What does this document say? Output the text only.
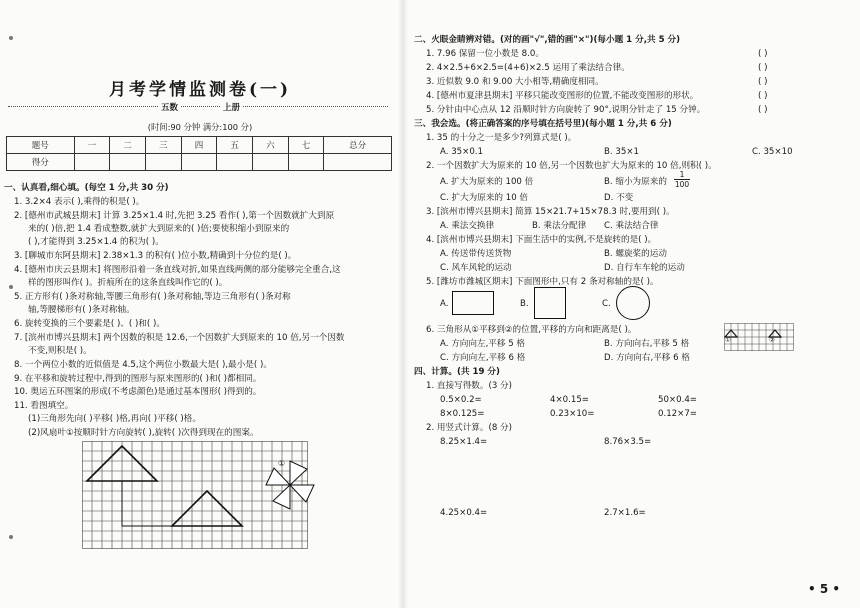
月考学情监测卷(一)
五数	上册
(时间:90 分钟 满分:100 分)
题号	一	二	三	四	五	六	七	总分
得分								
一、认真看,细心填。(每空 1 分,共 30 分)
1. 3.2×4 表示( ),乘得的积是( )。
2. [德州市武城县期末] 计算 3.25×1.4 时,先把 3.25 看作( ),第一个因数就扩大到原
来的( )倍,把 1.4 看成整数,就扩大到原来的( )倍;要使积缩小到原来的
( ),才能得到 3.25×1.4 的积为( )。
3. [聊城市东阿县期末] 2.38×1.3 的积有( )位小数,精确到十分位约是( )。
4. [德州市庆云县期末] 将图形沿着一条直线对折,如果直线两侧的部分能够完全重合,这
样的图形叫作( )。折痕所在的这条直线叫作它的( )。
5. 正方形有( )条对称轴,等腰三角形有( )条对称轴,等边三角形有( )条对称
轴,等腰梯形有( )条对称轴。
6. 旋转变换的三个要素是( )、( )和( )。
7. [滨州市博兴县期末] 两个因数的积是 12.6,一个因数扩大到原来的 10 倍,另一个因数
不变,则积是( )。
8. 一个两位小数的近似值是 4.5,这个两位小数最大是( ),最小是( )。
9. 在平移和旋转过程中,得到的图形与原来图形的( )和( )都相同。
10. 奥运五环图案的形成(不考虑颜色)是通过基本图形( )得到的。
11. 看图填空。
(1)三角形先向( )平移( )格,再向( )平移( )格。
(2)风扇叶①按顺时针方向旋转( ),旋转( )次得到现在的图案。
①
二、火眼金睛辨对错。(对的画"√",错的画"×")(每小题 1 分,共 5 分)
1. 7.96 保留一位小数是 8.0。	( )
2. 4×2.5+6×2.5=(4+6)×2.5 运用了乘法结合律。	( )
3. 近似数 9.0 和 9.00 大小相等,精确度相同。	( )
4. [德州市夏津县期末] 平移只能改变图形的位置,不能改变图形的形状。	( )
5. 分针由中心点从 12 沿顺时针方向旋转了 90°,说明分针走了 15 分钟。	( )
三、我会选。(将正确答案的序号填在括号里)(每小题 1 分,共 6 分)
1. 35 的十分之一是多少?列算式是( )。
A. 35×0.1	B. 35×1	C. 35×10
2. 一个因数扩大为原来的 10 倍,另一个因数也扩大为原来的 10 倍,则积( )。
A. 扩大为原来的 100 倍	B. 缩小为原来的 $\frac{1}{100}$
C. 扩大为原来的 10 倍	D. 不变
3. [滨州市博兴县期末] 简算 15×21.7+15×78.3 时,要用到( )。
A. 乘法交换律	B. 乘法分配律 C. 乘法结合律
4. [滨州市博兴县期末] 下面生活中的实例,不是旋转的是( )。
A. 传送带传送货物	B. 螺旋桨的运动
C. 风车风轮的运动	D. 自行车车轮的运动
5. [潍坊市潍城区期末] 下面图形中,只有 2 条对称轴的是( )。
A.	B.	C.
6. 三角形从①平移到②的位置,平移的方向和距离是( )。
A. 方向向左,平移 5 格	B. 方向向右,平移 5 格
C. 方向向左,平移 6 格	D. 方向向右,平移 6 格
①	②
四、计算。(共 19 分)
1. 直接写得数。(3 分)
0.5×0.2=	4×0.15=	50×0.4=
8×0.125=	0.23×10=	0.12×7=
2. 用竖式计算。(8 分)
8.25×1.4=	8.76×3.5=
4.25×0.4=	2.7×1.6=
• 5 •
